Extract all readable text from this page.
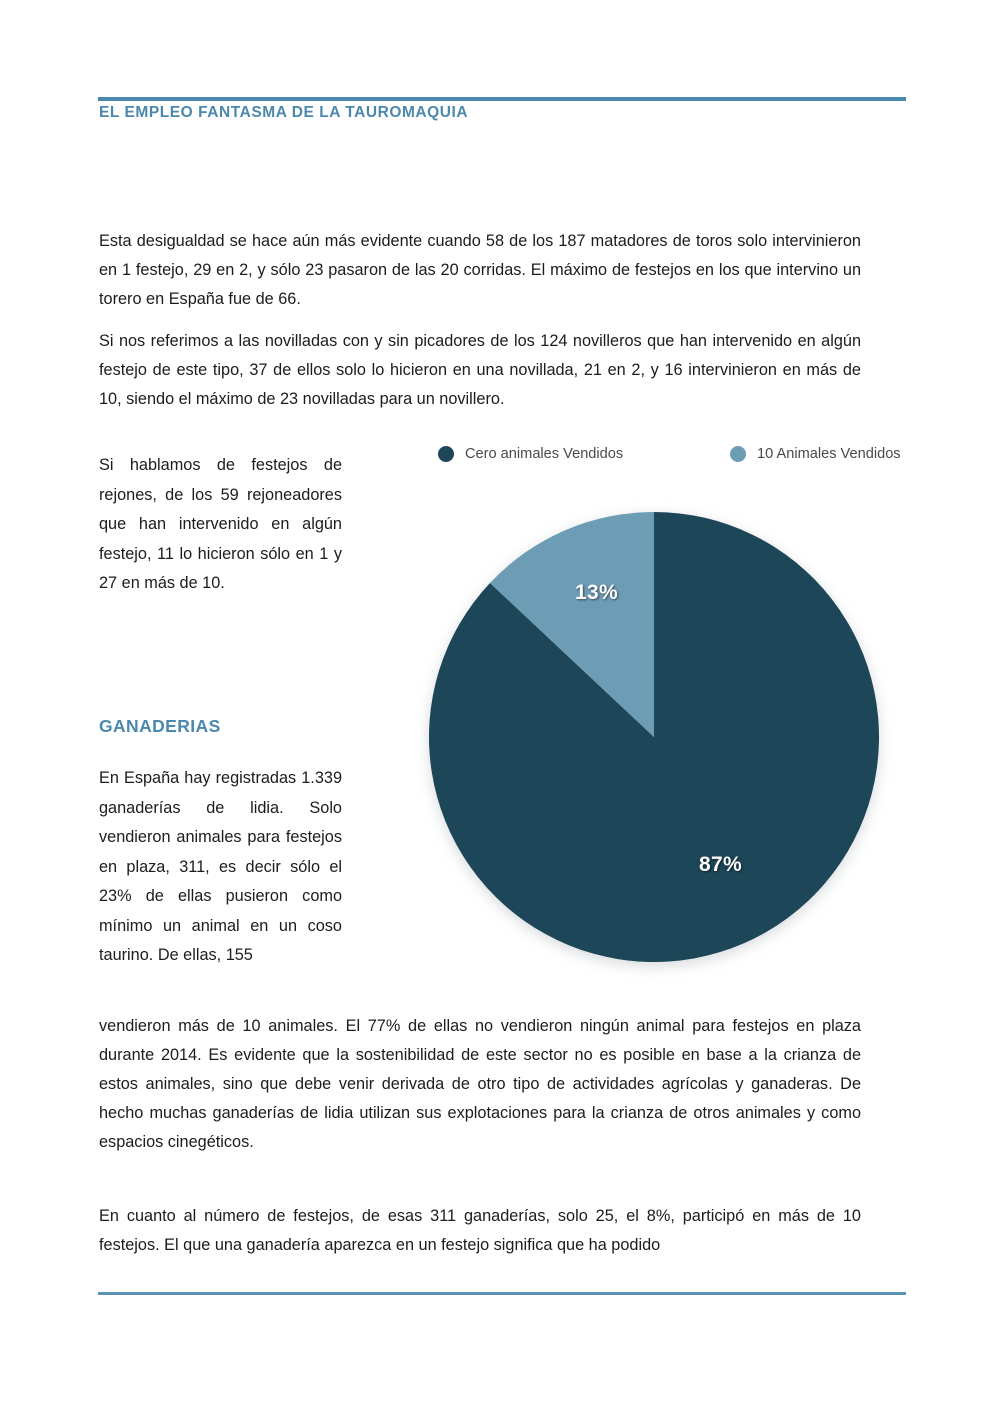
EL EMPLEO FANTASMA DE LA TAUROMAQUIA

Esta desigualdad se hace aún más evidente cuando 58 de los 187 matadores de toros solo intervinieron en 1 festejo, 29 en 2, y sólo 23 pasaron de las 20 corridas. El máximo de festejos en los que intervino un torero en España fue de 66.

Si nos referimos a las novilladas con y sin picadores de los 124 novilleros que han intervenido en algún festejo de este tipo, 37 de ellos solo lo hicieron en una novillada, 21 en 2, y 16 intervinieron en más de 10, siendo el máximo de 23 novilladas para un novillero.

Si hablamos de festejos de rejones, de los 59 rejoneadores que han intervenido en algún festejo, 11 lo hicieron sólo en 1 y 27 en más de 10.

GANADERIAS

En España hay registradas 1.339 ganaderías de lidia. Solo vendieron animales para festejos en plaza, 311, es decir sólo el 23% de ellas pusieron como mínimo un animal en un coso taurino. De ellas, 155

Cero animales Vendidos	10 Animales Vendidos
13%
87%

vendieron más de 10 animales. El 77% de ellas no vendieron ningún animal para festejos en plaza durante 2014. Es evidente que la sostenibilidad de este sector no es posible en base a la crianza de estos animales, sino que debe venir derivada de otro tipo de actividades agrícolas y ganaderas. De hecho muchas ganaderías de lidia utilizan sus explotaciones para la crianza de otros animales y como espacios cinegéticos.

En cuanto al número de festejos, de esas 311 ganaderías, solo 25, el 8%, participó en más de 10 festejos. El que una ganadería aparezca en un festejo significa que ha podido
